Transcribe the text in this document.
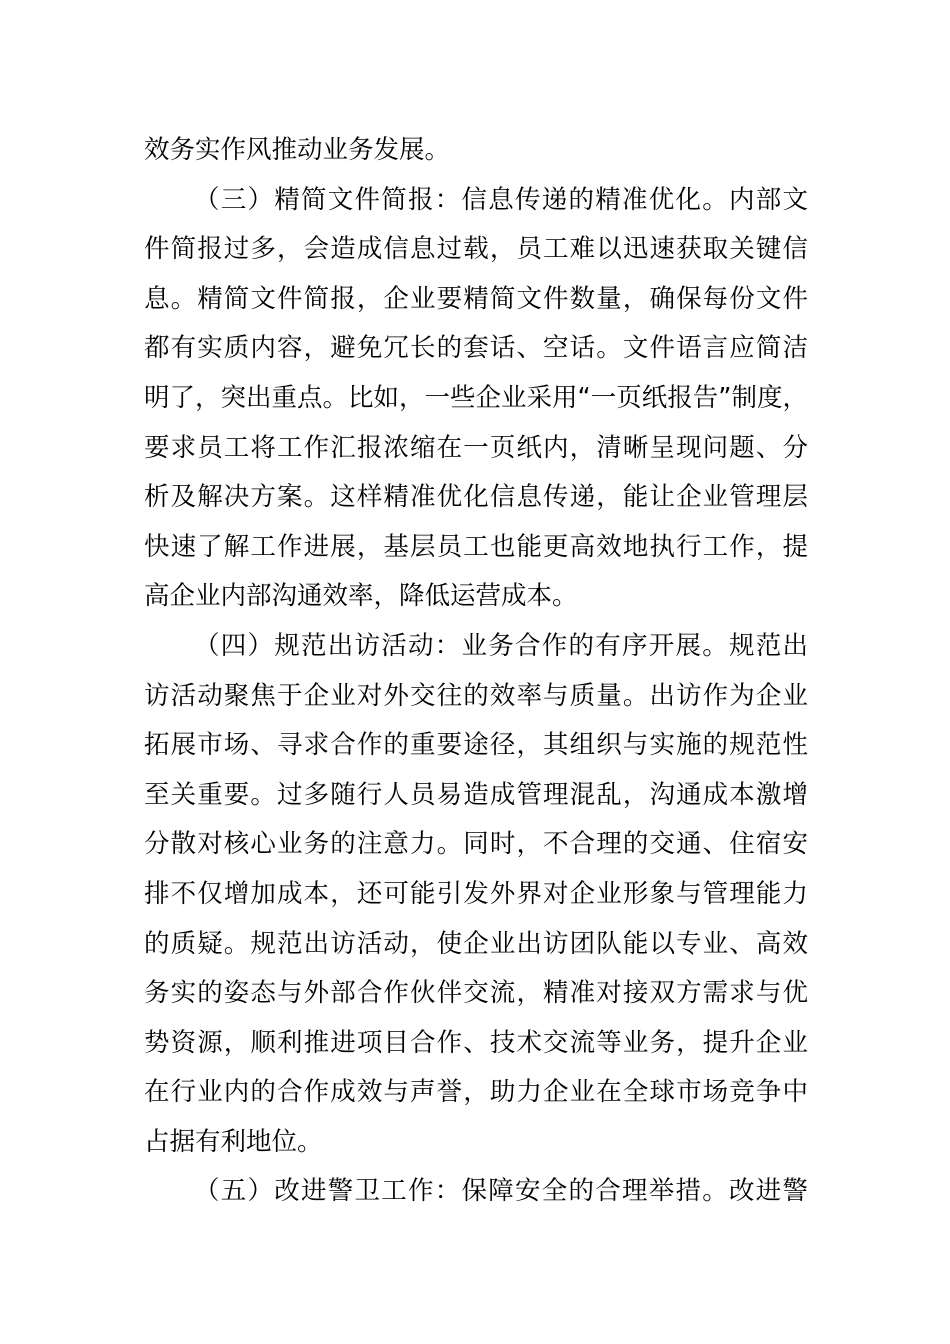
效务实作风推动业务发展。
（三）精简文件简报：信息传递的精准优化。内部文
件简报过多，会造成信息过载，员工难以迅速获取关键信
息。精简文件简报，企业要精简文件数量，确保每份文件
都有实质内容，避免冗长的套话、空话。文件语言应简洁
明了，突出重点。比如，一些企业采用“一页纸报告”制度，
要求员工将工作汇报浓缩在一页纸内，清晰呈现问题、分
析及解决方案。这样精准优化信息传递，能让企业管理层
快速了解工作进展，基层员工也能更高效地执行工作，提
高企业内部沟通效率，降低运营成本。
（四）规范出访活动：业务合作的有序开展。规范出
访活动聚焦于企业对外交往的效率与质量。出访作为企业
拓展市场、寻求合作的重要途径，其组织与实施的规范性
至关重要。过多随行人员易造成管理混乱，沟通成本激增
分散对核心业务的注意力。同时，不合理的交通、住宿安
排不仅增加成本，还可能引发外界对企业形象与管理能力
的质疑。规范出访活动，使企业出访团队能以专业、高效
务实的姿态与外部合作伙伴交流，精准对接双方需求与优
势资源，顺利推进项目合作、技术交流等业务，提升企业
在行业内的合作成效与声誉，助力企业在全球市场竞争中
占据有利地位。
（五）改进警卫工作：保障安全的合理举措。改进警
